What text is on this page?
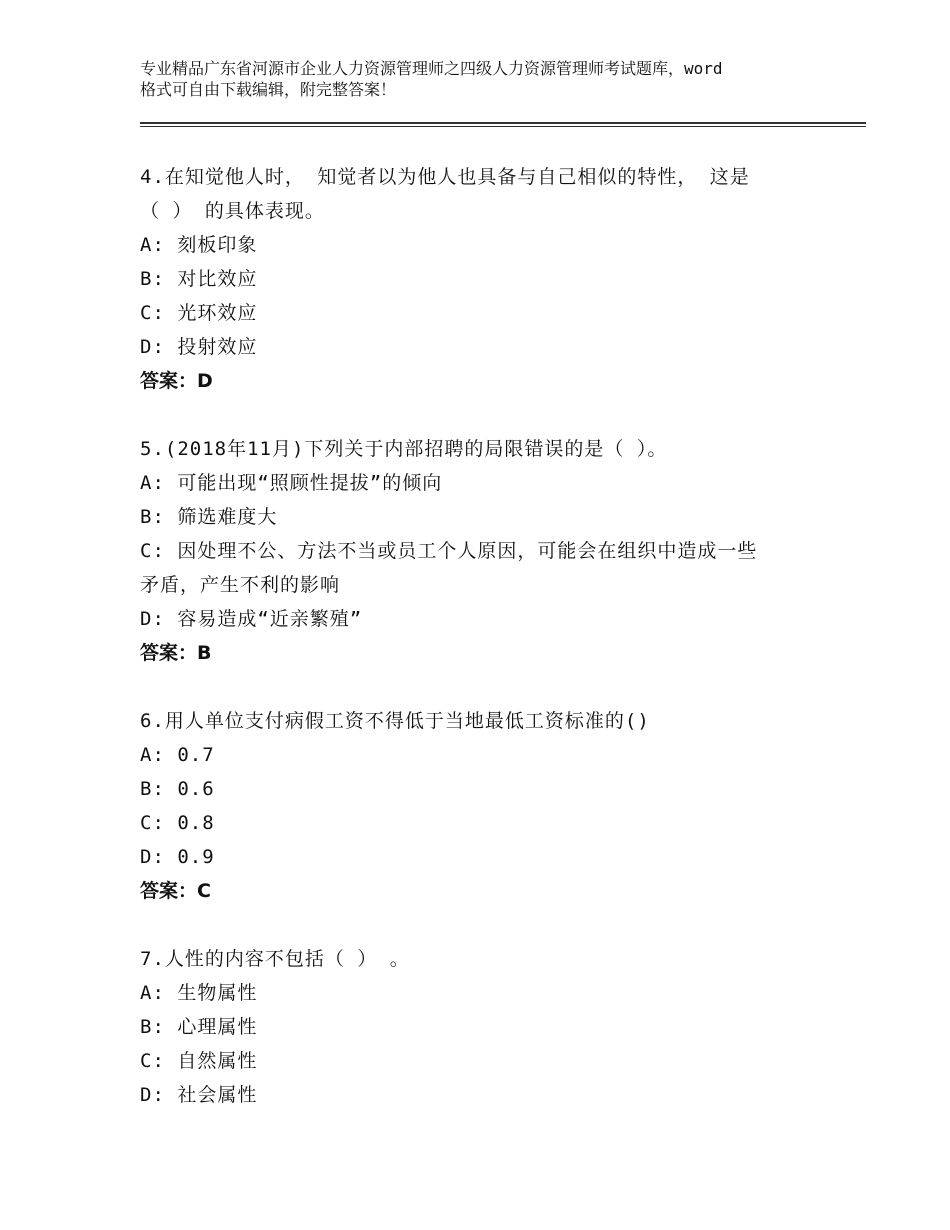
专业精品广东省河源市企业人力资源管理师之四级人力资源管理师考试题库，word
格式可自由下载编辑，附完整答案！
4.在知觉他人时， 知觉者以为他人也具备与自己相似的特性， 这是
（ ） 的具体表现。
A: 刻板印象
B: 对比效应
C: 光环效应
D: 投射效应
答案：D
5.(2018年11月)下列关于内部招聘的局限错误的是（ ）。
A: 可能出现“照顾性提拔”的倾向
B: 筛选难度大
C: 因处理不公、方法不当或员工个人原因，可能会在组织中造成一些
矛盾，产生不利的影响
D: 容易造成“近亲繁殖”
答案：B
6.用人单位支付病假工资不得低于当地最低工资标准的()
A: 0.7
B: 0.6
C: 0.8
D: 0.9
答案：C
7.人性的内容不包括（ ） 。
A: 生物属性
B: 心理属性
C: 自然属性
D: 社会属性
